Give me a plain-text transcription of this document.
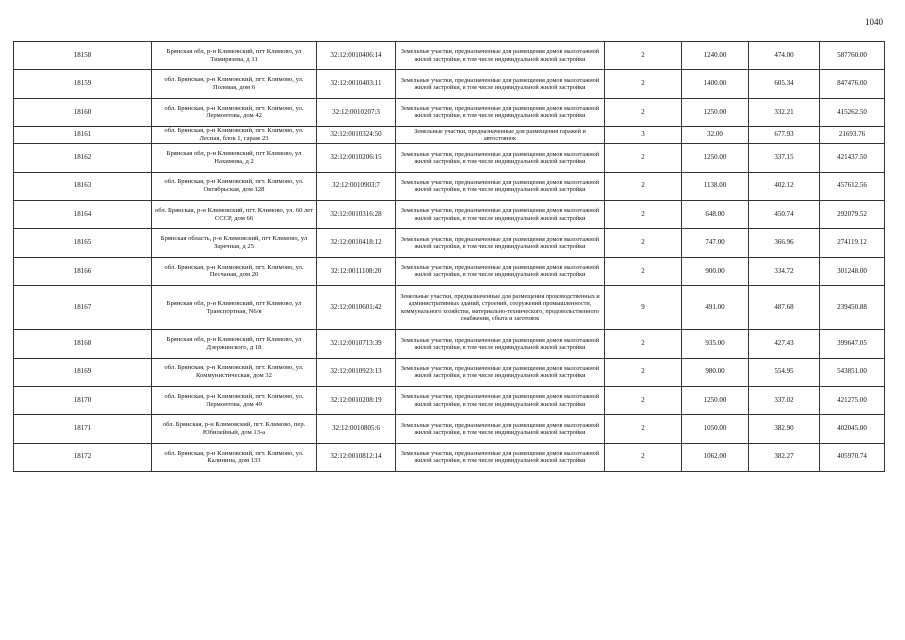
1040
18158	Брянская обл, р-н Климовский, пгт Климово, ул Тимирязева, д 11	32:12:0010406:14	Земельные участки, предназначенные для размещения домов малоэтажной жилой застройки, в том числе индивидуальной жилой застройки	2	1240.00	474.00	587760.00
18159	обл. Брянская, р-н Климовский, пгт. Климово, ул. Полевая, дом 6	32:12:0010403:11	Земельные участки, предназначенные для размещения домов малоэтажной жилой застройки, в том числе индивидуальной жилой застройки	2	1400.00	605.34	847476.00
18160	обл. Брянская, р-н Климовский, пгт. Климово, ул. Лермонтова, дом 42	32:12:0010207:3	Земельные участки, предназначенные для размещения домов малоэтажной жилой застройки, в том числе индивидуальной жилой застройки	2	1250.00	332.21	415262.50
18161	обл. Брянская, р-н Климовский, пгт. Климово, ул. Лесная, блок 1, гараж 23	32:12:0010324:50	Земельные участки, предназначенные для размещения гаражей и автостоянок	3	32.00	677.93	21693.76
18162	Брянская обл, р-н Климовский, пгт Климово, ул Нахимова, д 2	32:12:0010206:15	Земельные участки, предназначенные для размещения домов малоэтажной жилой застройки, в том числе индивидуальной жилой застройки	2	1250.00	337.15	421437.50
18163	обл. Брянская, р-н Климовский, пгт. Климово, ул. Октябрьская, дом 128	32:12:0010903:7	Земельные участки, предназначенные для размещения домов малоэтажной жилой застройки, в том числе индивидуальной жилой застройки	2	1138.00	402.12	457612.56
18164	обл. Брянская, р-н Климовский, пгт. Климово, ул. 60 лет СССР, дом 66	32:12:0010316:28	Земельные участки, предназначенные для размещения домов малоэтажной жилой застройки, в том числе индивидуальной жилой застройки	2	648.00	450.74	292079.52
18165	Брянская область, р-н Климовский, пгт Климово, ул Заречная, д 25	32:12:0010418:12	Земельные участки, предназначенные для размещения домов малоэтажной жилой застройки, в том числе индивидуальной жилой застройки	2	747.00	366.96	274119.12
18166	обл. Брянская, р-н Климовский, пгт. Климово, ул. Песчаная, дом 20	32:12:0011108:20	Земельные участки, предназначенные для размещения домов малоэтажной жилой застройки, в том числе индивидуальной жилой застройки	2	900.00	334.72	301248.00
18167	Брянская обл, р-н Климовский, пгт Климово, ул Транспортная, N6/в	32:12:0010601:42	Земельные участки, предназначенные для размещения производственных и административных зданий, строений, сооружений промышленности, коммунального хозяйства, материально-технического, продовольственного снабжения, сбыта и заготовок	9	491.00	487.68	239450.88
18168	Брянская обл, р-н Климовский, пгт Климово, ул Дзержинского, д 18	32:12:0010713:39	Земельные участки, предназначенные для размещения домов малоэтажной жилой застройки, в том числе индивидуальной жилой застройки	2	935.00	427.43	399647.05
18169	обл. Брянская, р-н Климовский, пгт. Климово, ул. Коммунистическая, дом 32	32:12:0010923:13	Земельные участки, предназначенные для размещения домов малоэтажной жилой застройки, в том числе индивидуальной жилой застройки	2	980.00	554.95	543851.00
18170	обл. Брянская, р-н Климовский, пгт. Климово, ул. Лермонтова, дом 49	32:12:0010208:19	Земельные участки, предназначенные для размещения домов малоэтажной жилой застройки, в том числе индивидуальной жилой застройки	2	1250.00	337.02	421275.00
18171	обл. Брянская, р-н Климовский, пгт. Климово, пер. Юбилейный, дом 13-а	32:12:0010805:6	Земельные участки, предназначенные для размещения домов малоэтажной жилой застройки, в том числе индивидуальной жилой застройки	2	1050.00	382.90	402045.00
18172	обл. Брянская, р-н Климовский, пгт. Климово, ул. Калинина, дом 133	32:12:0010812:14	Земельные участки, предназначенные для размещения домов малоэтажной жилой застройки, в том числе индивидуальной жилой застройки	2	1062.00	382.27	405970.74
